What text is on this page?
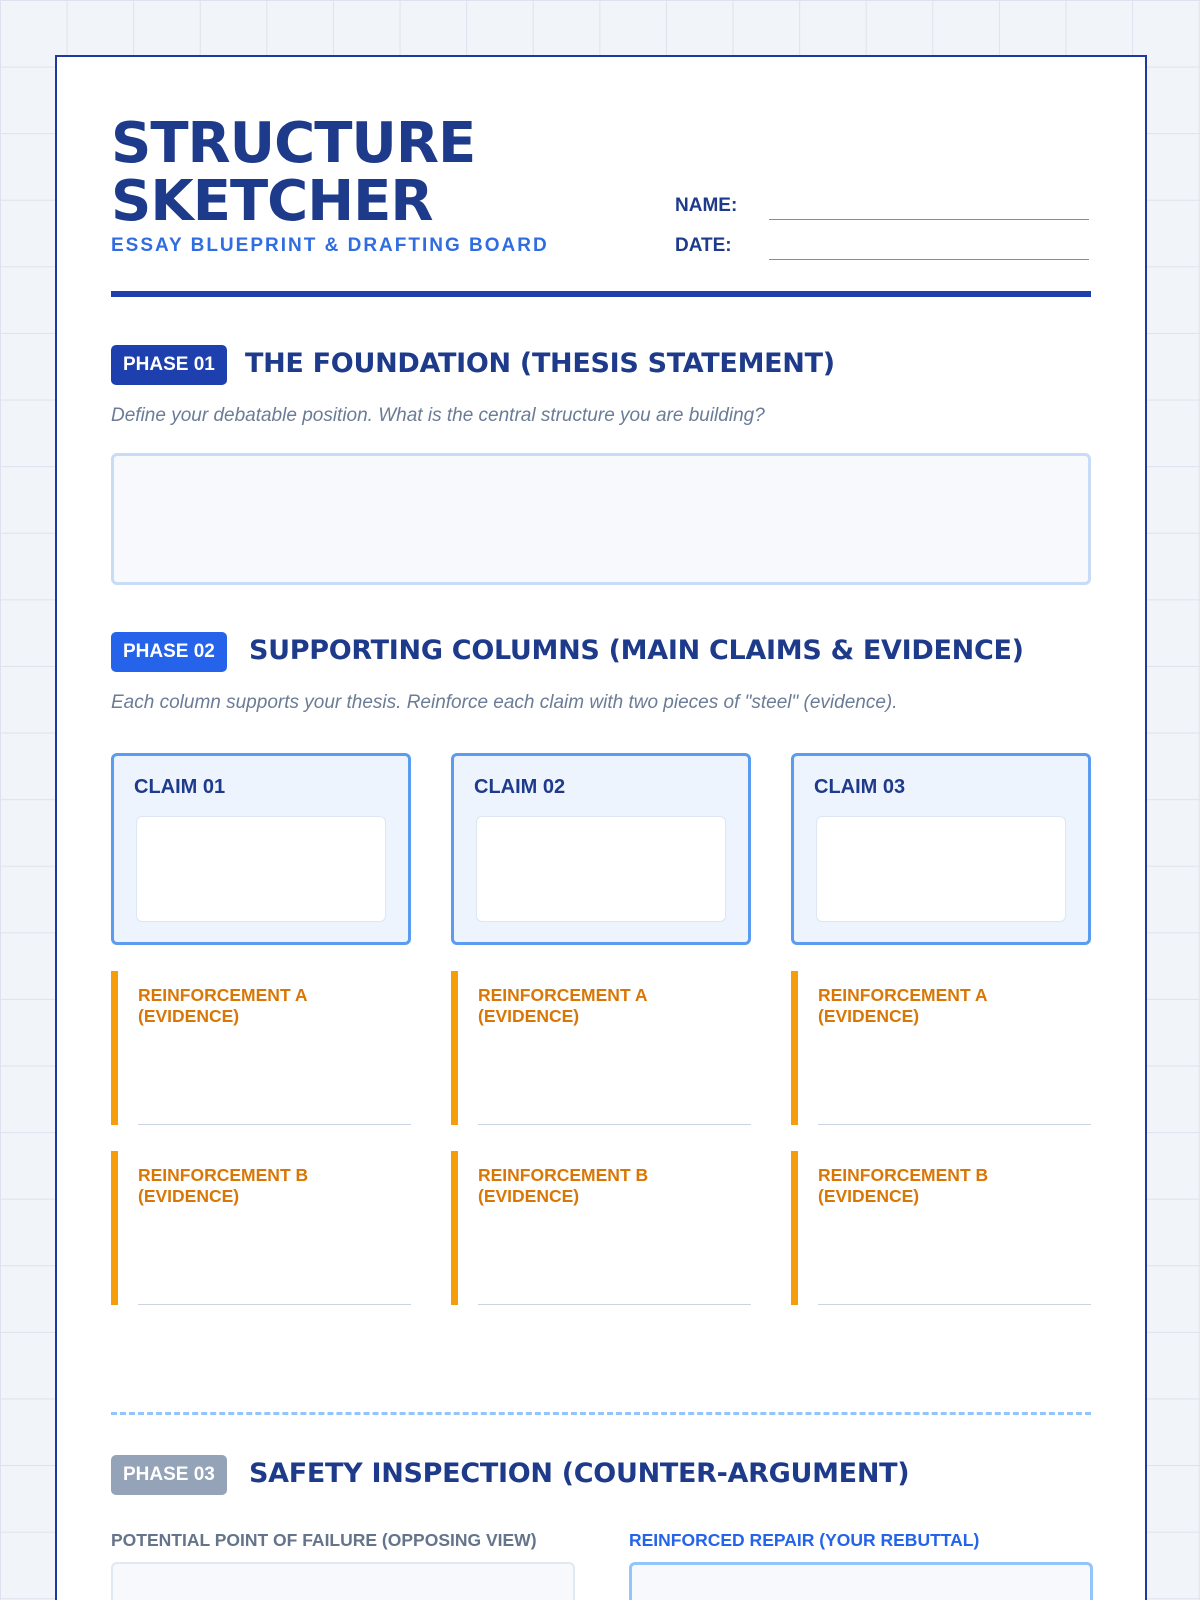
STRUCTURE
SKETCHER
ESSAY BLUEPRINT & DRAFTING BOARD
NAME:
DATE:
PHASE 01	THE FOUNDATION (THESIS STATEMENT)
Define your debatable position. What is the central structure you are building?
PHASE 02	SUPPORTING COLUMNS (MAIN CLAIMS & EVIDENCE)
Each column supports your thesis. Reinforce each claim with two pieces of "steel" (evidence).
CLAIM 01
REINFORCEMENT A (EVIDENCE)
REINFORCEMENT B (EVIDENCE)
CLAIM 02
REINFORCEMENT A (EVIDENCE)
REINFORCEMENT B (EVIDENCE)
CLAIM 03
REINFORCEMENT A (EVIDENCE)
REINFORCEMENT B (EVIDENCE)
PHASE 03	SAFETY INSPECTION (COUNTER-ARGUMENT)
POTENTIAL POINT OF FAILURE (OPPOSING VIEW)	REINFORCED REPAIR (YOUR REBUTTAL)
